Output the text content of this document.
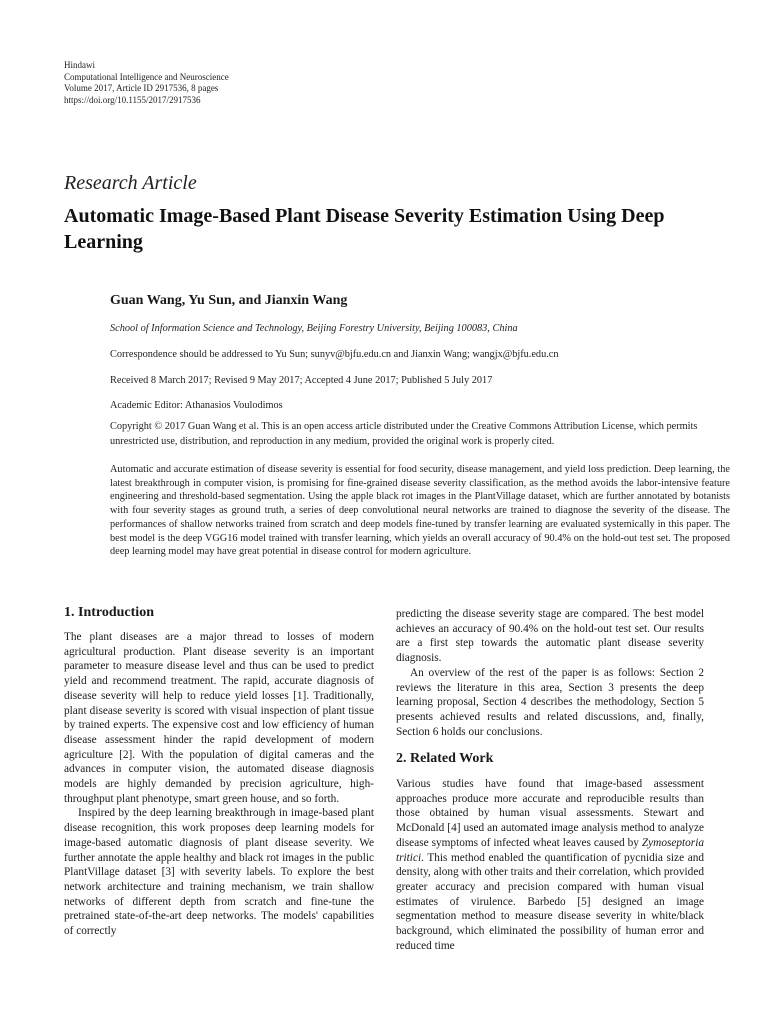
Hindawi
Computational Intelligence and Neuroscience
Volume 2017, Article ID 2917536, 8 pages
https://doi.org/10.1155/2017/2917536
Research Article
Automatic Image-Based Plant Disease Severity Estimation Using Deep Learning
Guan Wang, Yu Sun, and Jianxin Wang
School of Information Science and Technology, Beijing Forestry University, Beijing 100083, China
Correspondence should be addressed to Yu Sun; sunyv@bjfu.edu.cn and Jianxin Wang; wangjx@bjfu.edu.cn
Received 8 March 2017; Revised 9 May 2017; Accepted 4 June 2017; Published 5 July 2017
Academic Editor: Athanasios Voulodimos
Copyright © 2017 Guan Wang et al. This is an open access article distributed under the Creative Commons Attribution License, which permits unrestricted use, distribution, and reproduction in any medium, provided the original work is properly cited.
Automatic and accurate estimation of disease severity is essential for food security, disease management, and yield loss prediction. Deep learning, the latest breakthrough in computer vision, is promising for fine-grained disease severity classification, as the method avoids the labor-intensive feature engineering and threshold-based segmentation. Using the apple black rot images in the PlantVillage dataset, which are further annotated by botanists with four severity stages as ground truth, a series of deep convolutional neural networks are trained to diagnose the severity of the disease. The performances of shallow networks trained from scratch and deep models fine-tuned by transfer learning are evaluated systemically in this paper. The best model is the deep VGG16 model trained with transfer learning, which yields an overall accuracy of 90.4% on the hold-out test set. The proposed deep learning model may have great potential in disease control for modern agriculture.
1. Introduction

The plant diseases are a major thread to losses of modern agricultural production. Plant disease severity is an important parameter to measure disease level and thus can be used to predict yield and recommend treatment. The rapid, accurate diagnosis of disease severity will help to reduce yield losses [1]. Traditionally, plant disease severity is scored with visual inspection of plant tissue by trained experts. The expensive cost and low efficiency of human disease assessment hinder the rapid development of modern agriculture [2]. With the population of digital cameras and the advances in computer vision, the automated disease diagnosis models are highly demanded by precision agriculture, high-throughput plant phenotype, smart green house, and so forth.

Inspired by the deep learning breakthrough in image-based plant disease recognition, this work proposes deep learning models for image-based automatic diagnosis of plant disease severity. We further annotate the apple healthy and black rot images in the public PlantVillage dataset [3] with severity labels. To explore the best network architecture and training mechanism, we train shallow networks of different depth from scratch and fine-tune the pretrained state-of-the-art deep networks. The models' capabilities of correctly

predicting the disease severity stage are compared. The best model achieves an accuracy of 90.4% on the hold-out test set. Our results are a first step towards the automatic plant disease severity diagnosis.

An overview of the rest of the paper is as follows: Section 2 reviews the literature in this area, Section 3 presents the deep learning proposal, Section 4 describes the methodology, Section 5 presents achieved results and related discussions, and, finally, Section 6 holds our conclusions.

2. Related Work

Various studies have found that image-based assessment approaches produce more accurate and reproducible results than those obtained by human visual assessments. Stewart and McDonald [4] used an automated image analysis method to analyze disease symptoms of infected wheat leaves caused by Zymoseptoria tritici. This method enabled the quantification of pycnidia size and density, along with other traits and their correlation, which provided greater accuracy and precision compared with human visual estimates of virulence. Barbedo [5] designed an image segmentation method to measure disease severity in white/black background, which eliminated the possibility of human error and reduced time
